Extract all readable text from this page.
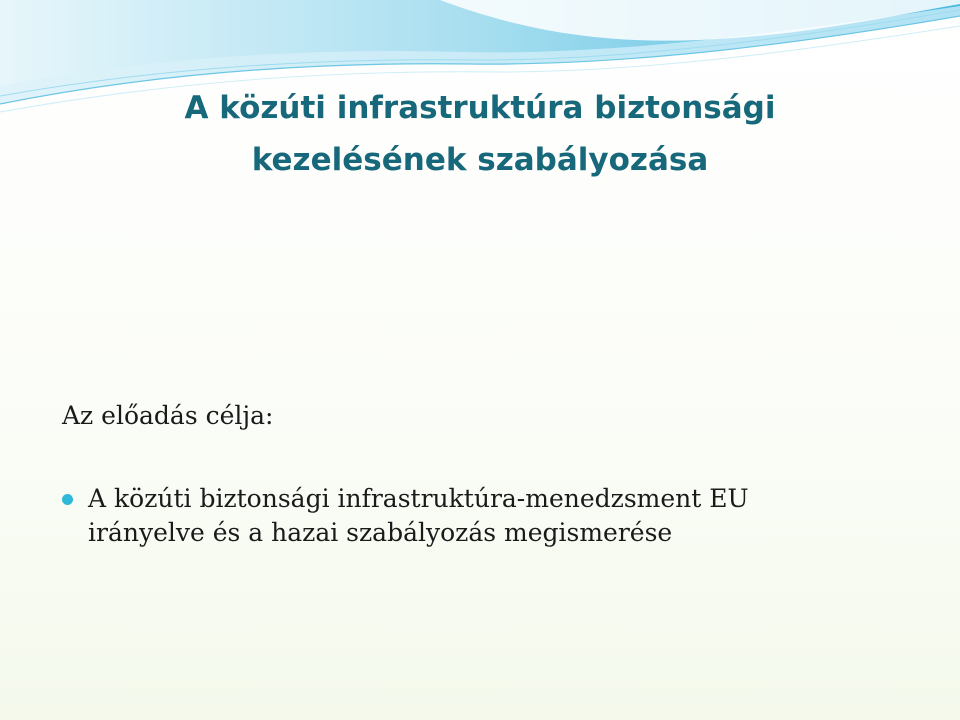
A közúti infrastruktúra biztonsági
kezelésének szabályozása

Az előadás célja:

A közúti biztonsági infrastruktúra-menedzsment EU
irányelve és a hazai szabályozás megismerése
